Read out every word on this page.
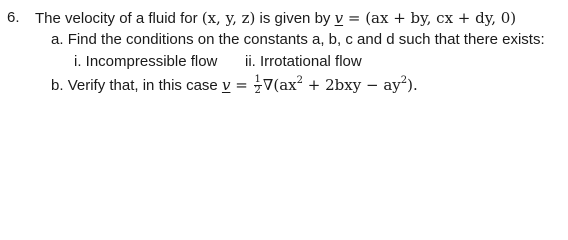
6. The velocity of a fluid for (x, y, z) is given by v = (ax + by, cx + dy, 0)
a. Find the conditions on the constants a, b, c and d such that there exists:
i. Incompressible flow ii. Irrotational flow
b. Verify that, in this case $v = \frac{1}{2} \nabla(ax^2 + 2bxy - ay^2)$.
